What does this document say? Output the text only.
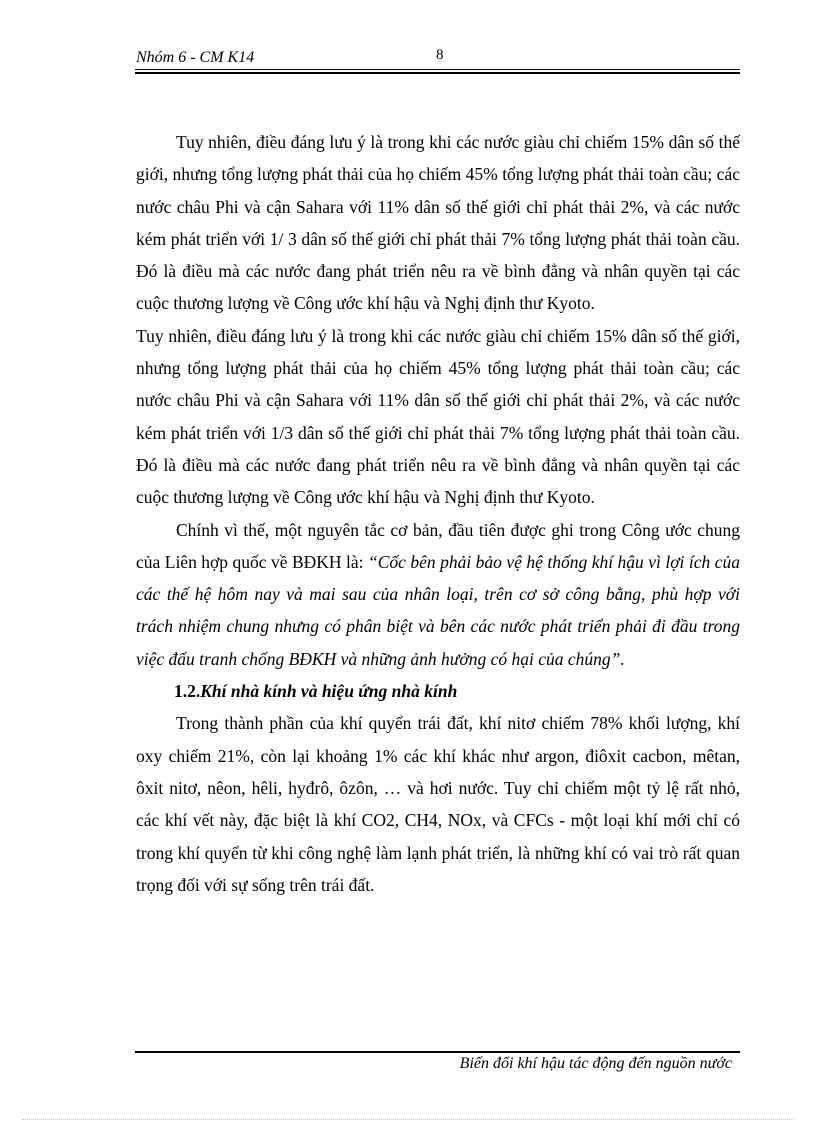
Nhóm 6 - CM K14	8

Tuy nhiên, điều đáng lưu ý là trong khi các nước giàu chỉ chiếm 15% dân số thế giới, nhưng tổng lượng phát thải của họ chiếm 45% tổng lượng phát thải toàn cầu; các nước châu Phi và cận Sahara với 11% dân số thế giới chỉ phát thải 2%, và các nước kém phát triển với 1/ 3 dân số thế giới chỉ phát thải 7% tổng lượng phát thải toàn cầu. Đó là điều mà các nước đang phát triển nêu ra về bình đẳng và nhân quyền tại các cuộc thương lượng về Công ước khí hậu và Nghị định thư Kyoto.

Tuy nhiên, điều đáng lưu ý là trong khi các nước giàu chỉ chiếm 15% dân số thế giới, nhưng tổng lượng phát thải của họ chiếm 45% tổng lượng phát thải toàn cầu; các nước châu Phi và cận Sahara với 11% dân số thế giới chỉ phát thải 2%, và các nước kém phát triển với 1/3 dân số thế giới chỉ phát thải 7% tổng lượng phát thải toàn cầu. Đó là điều mà các nước đang phát triển nêu ra về bình đẳng và nhân quyền tại các cuộc thương lượng về Công ước khí hậu và Nghị định thư Kyoto.

Chính vì thế, một nguyên tắc cơ bản, đầu tiên được ghi trong Công ước chung của Liên hợp quốc về BĐKH là: “Cốc bên phải bảo vệ hệ thống khí hậu vì lợi ích của các thế hệ hôm nay và mai sau của nhân loại, trên cơ sở công bằng, phù hợp với trách nhiệm chung nhưng có phân biệt và bên các nước phát triển phải đi đầu trong việc đấu tranh chống BĐKH và những ảnh hưởng có hại của chúng”.

1.2.Khí nhà kính và hiệu ứng nhà kính

Trong thành phần của khí quyển trái đất, khí nitơ chiếm 78% khối lượng, khí oxy chiếm 21%, còn lại khoảng 1% các khí khác như argon, điôxit cacbon, mêtan, ôxit nitơ, nêon, hêli, hyđrô, ôzôn, … và hơi nước. Tuy chỉ chiếm một tỷ lệ rất nhỏ, các khí vết này, đặc biệt là khí CO2, CH4, NOx, và CFCs - một loại khí mới chỉ có trong khí quyển từ khi công nghệ làm lạnh phát triển, là những khí có vai trò rất quan trọng đối với sự sống trên trái đất.

Biến đổi khí hậu tác động đến nguồn nước
